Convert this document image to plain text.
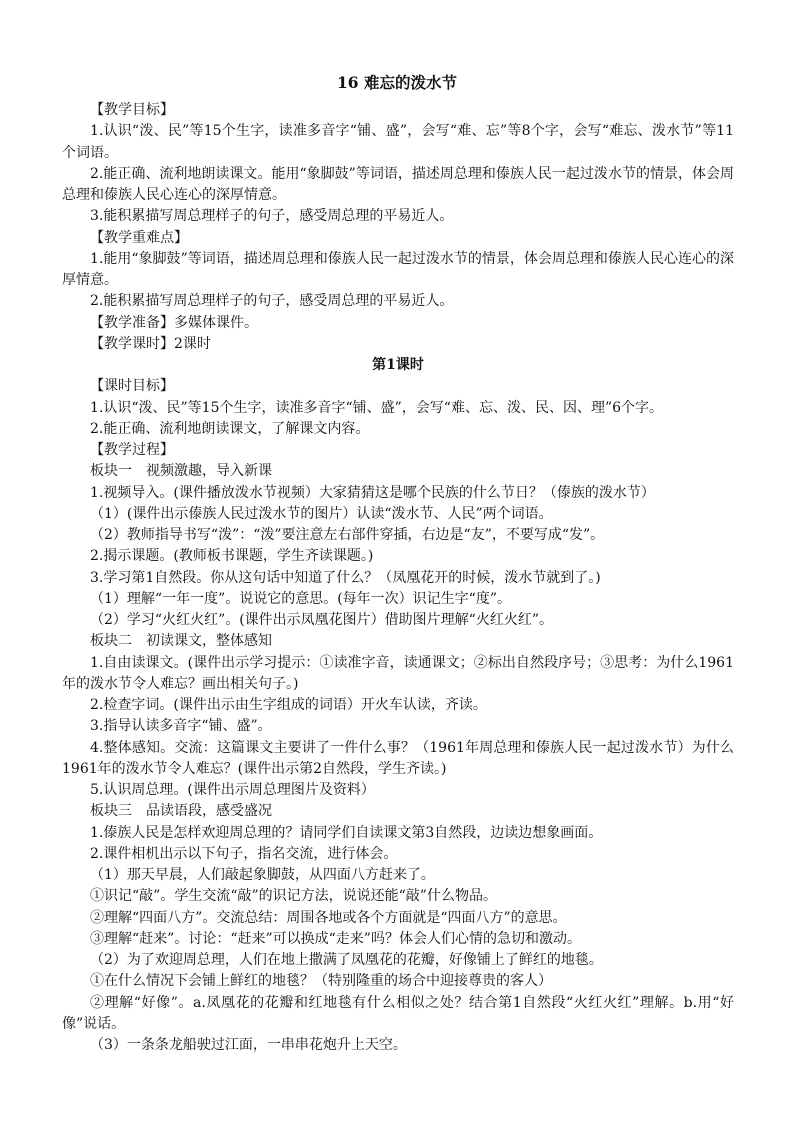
16 难忘的泼水节

【教学目标】

1.认识“泼、民”等15个生字，读准多音字“铺、盛”，会写“难、忘”等8个字，会写“难忘、泼水节”等11个词语。

2.能正确、流利地朗读课文。能用“象脚鼓”等词语，描述周总理和傣族人民一起过泼水节的情景，体会周总理和傣族人民心连心的深厚情意。

3.能积累描写周总理样子的句子，感受周总理的平易近人。

【教学重难点】

1.能用“象脚鼓”等词语，描述周总理和傣族人民一起过泼水节的情景，体会周总理和傣族人民心连心的深厚情意。

2.能积累描写周总理样子的句子，感受周总理的平易近人。

【教学准备】多媒体课件。

【教学课时】2课时

第1课时

【课时目标】

1.认识“泼、民”等15个生字，读准多音字“铺、盛”，会写“难、忘、泼、民、因、理”6个字。

2.能正确、流利地朗读课文，了解课文内容。

【教学过程】

板块一　视频激趣，导入新课

1.视频导入。(课件播放泼水节视频）大家猜猜这是哪个民族的什么节日？（傣族的泼水节）

（1）(课件出示傣族人民过泼水节的图片）认读“泼水节、人民”两个词语。

（2）教师指导书写“泼”：“泼”要注意左右部件穿插，右边是“友”，不要写成“发”。

2.揭示课题。(教师板书课题，学生齐读课题。)

3.学习第1自然段。你从这句话中知道了什么？（凤凰花开的时候，泼水节就到了。)

（1）理解“一年一度”。说说它的意思。(每年一次）识记生字“度”。

（2）学习“火红火红”。(课件出示凤凰花图片）借助图片理解“火红火红”。

板块二　初读课文，整体感知

1.自由读课文。(课件出示学习提示：①读准字音，读通课文；②标出自然段序号；③思考：为什么1961年的泼水节令人难忘？画出相关句子。)

2.检查字词。(课件出示由生字组成的词语）开火车认读，齐读。

3.指导认读多音字“铺、盛”。

4.整体感知。交流：这篇课文主要讲了一件什么事？（1961年周总理和傣族人民一起过泼水节）为什么1961年的泼水节令人难忘？(课件出示第2自然段，学生齐读。)

5.认识周总理。(课件出示周总理图片及资料）

板块三　品读语段，感受盛况

1.傣族人民是怎样欢迎周总理的？请同学们自读课文第3自然段，边读边想象画面。

2.课件相机出示以下句子，指名交流，进行体会。

（1）那天早晨，人们敲起象脚鼓，从四面八方赶来了。

①识记“敲”。学生交流“敲”的识记方法，说说还能“敲”什么物品。

②理解“四面八方”。交流总结：周围各地或各个方面就是“四面八方”的意思。

③理解“赶来”。讨论：“赶来”可以换成“走来”吗？体会人们心情的急切和激动。

（2）为了欢迎周总理，人们在地上撒满了凤凰花的花瓣，好像铺上了鲜红的地毯。

①在什么情况下会铺上鲜红的地毯？（特别隆重的场合中迎接尊贵的客人）

②理解“好像”。a.凤凰花的花瓣和红地毯有什么相似之处？结合第1自然段“火红火红”理解。b.用“好像”说话。

（3）一条条龙船驶过江面，一串串花炮升上天空。
